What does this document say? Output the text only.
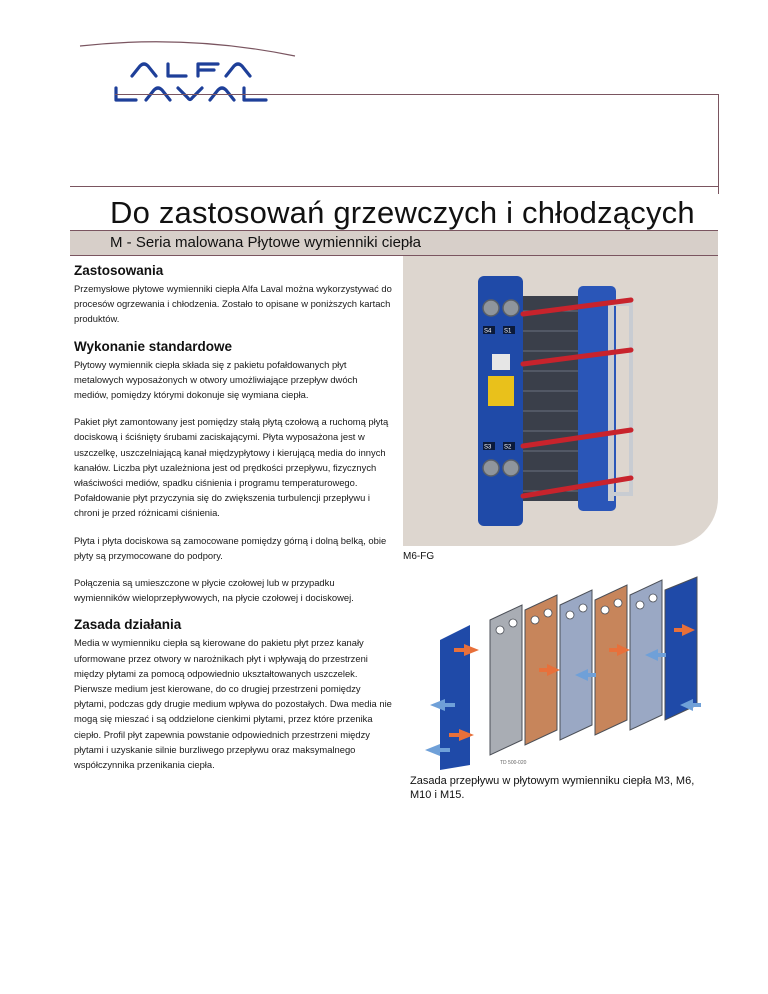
Do zastosowań grzewczych i chłodzących

M - Seria malowana Płytowe wymienniki ciepła

Zastosowania

Przemysłowe płytowe wymienniki ciepła Alfa Laval można wykorzystywać do procesów ogrzewania i chłodzenia. Zostało to opisane w poniższych kartach produktów.

Wykonanie standardowe

Płytowy wymiennik ciepła składa się z pakietu pofałdowanych płyt metalowych wyposażonych w otwory umożliwiające przepływ dwóch mediów, pomiędzy którymi dokonuje się wymiana ciepła.

Pakiet płyt zamontowany jest pomiędzy stałą płytą czołową a ruchomą płytą dociskową i ściśnięty śrubami zaciskającymi. Płyta wyposażona jest w uszczelkę, uszczelniającą kanał międzypłytowy i kierującą media do innych kanałów. Liczba płyt uzależniona jest od prędkości przepływu, fizycznych właściwości mediów, spadku ciśnienia i programu temperaturowego. Pofałdowanie płyt przyczynia się do zwiększenia turbulencji przepływu i chroni je przed różnicami ciśnienia.

Płyta i płyta dociskowa są zamocowane pomiędzy górną i dolną belką, obie płyty są przymocowane do podpory.

Połączenia są umieszczone w płycie czołowej lub w przypadku wymienników wieloprzepływowych, na płycie czołowej i dociskowej.

Zasada działania

Media w wymienniku ciepła są kierowane do pakietu płyt przez kanały uformowane przez otwory w narożnikach płyt i wpływają do przestrzeni między płytami za pomocą odpowiednio ukształtowanych uszczelek. Pierwsze medium jest kierowane, do co drugiej przestrzeni pomiędzy płytami, podczas gdy drugie medium wpływa do pozostałych. Dwa media nie mogą się mieszać i są oddzielone cienkimi płytami, przez które przenika ciepło. Profil płyt zapewnia powstanie odpowiednich przestrzeni między płytami i uzyskanie silnie burzliwego przepływu oraz maksymalnego współczynnika przenikania ciepła.

S4 S1
S3 S2

M6-FG

TD 500-020

Zasada przepływu w płytowym wymienniku ciepła M3, M6, M10 i M15.
